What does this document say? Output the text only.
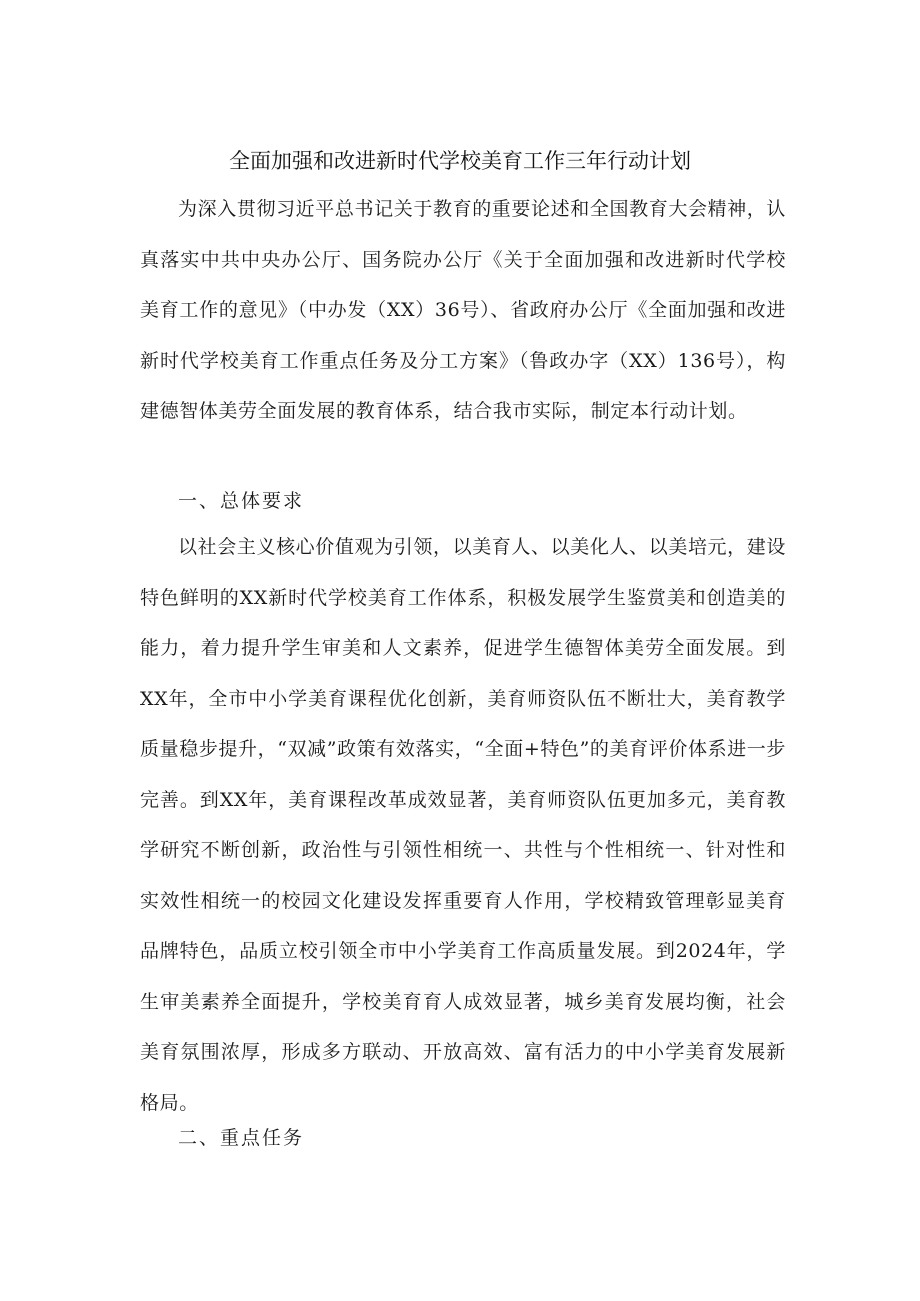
全面加强和改进新时代学校美育工作三年行动计划

为深入贯彻习近平总书记关于教育的重要论述和全国教育大会精神，认真落实中共中央办公厅、国务院办公厅《关于全面加强和改进新时代学校美育工作的意见》（中办发（XX）36号）、省政府办公厅《全面加强和改进新时代学校美育工作重点任务及分工方案》（鲁政办字（XX）136号），构建德智体美劳全面发展的教育体系，结合我市实际，制定本行动计划。

一、总体要求

以社会主义核心价值观为引领，以美育人、以美化人、以美培元，建设特色鲜明的XX新时代学校美育工作体系，积极发展学生鉴赏美和创造美的能力，着力提升学生审美和人文素养，促进学生德智体美劳全面发展。到XX年，全市中小学美育课程优化创新，美育师资队伍不断壮大，美育教学质量稳步提升，“双减”政策有效落实，“全面+特色”的美育评价体系进一步完善。到XX年，美育课程改革成效显著，美育师资队伍更加多元，美育教学研究不断创新，政治性与引领性相统一、共性与个性相统一、针对性和实效性相统一的校园文化建设发挥重要育人作用，学校精致管理彰显美育品牌特色，品质立校引领全市中小学美育工作高质量发展。到2024年，学生审美素养全面提升，学校美育育人成效显著，城乡美育发展均衡，社会美育氛围浓厚，形成多方联动、开放高效、富有活力的中小学美育发展新格局。

二、重点任务
